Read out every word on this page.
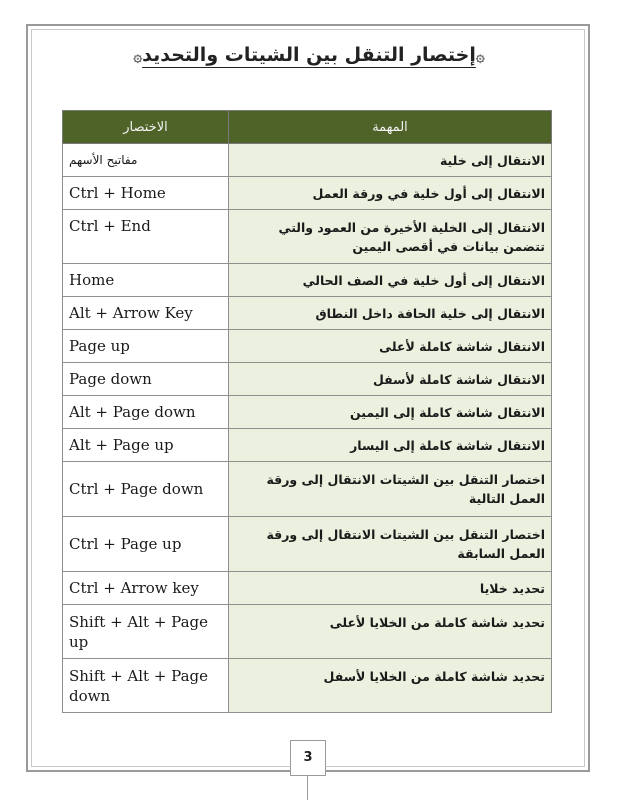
۞إختصار التنقل بين الشيتات والتحديد۞
الاختصار	المهمة
مفاتيح الأسهم	الانتقال إلى خلية
Ctrl + Home	الانتقال إلى أول خلية في ورقة العمل
Ctrl + End	الانتقال إلى الخلية الأخيرة من العمود والتي تتضمن بيانات في أقصى اليمين
Home	الانتقال إلى أول خلية في الصف الحالي
Alt + Arrow Key	الانتقال إلى خلية الحافة داخل النطاق
Page up	الانتقال شاشة كاملة لأعلى
Page down	الانتقال شاشة كاملة لأسفل
Alt + Page down	الانتقال شاشة كاملة إلى اليمين
Alt + Page up	الانتقال شاشة كاملة إلى اليسار
Ctrl + Page down	اختصار التنقل بين الشيتات الانتقال إلى ورقة العمل التالية
Ctrl + Page up	اختصار التنقل بين الشيتات الانتقال إلى ورقة العمل السابقة
Ctrl + Arrow key	تحديد خلايا
Shift + Alt + Page up	تحديد شاشة كاملة من الخلايا لأعلى
Shift + Alt + Page down	تحديد شاشة كاملة من الخلايا لأسفل
3
